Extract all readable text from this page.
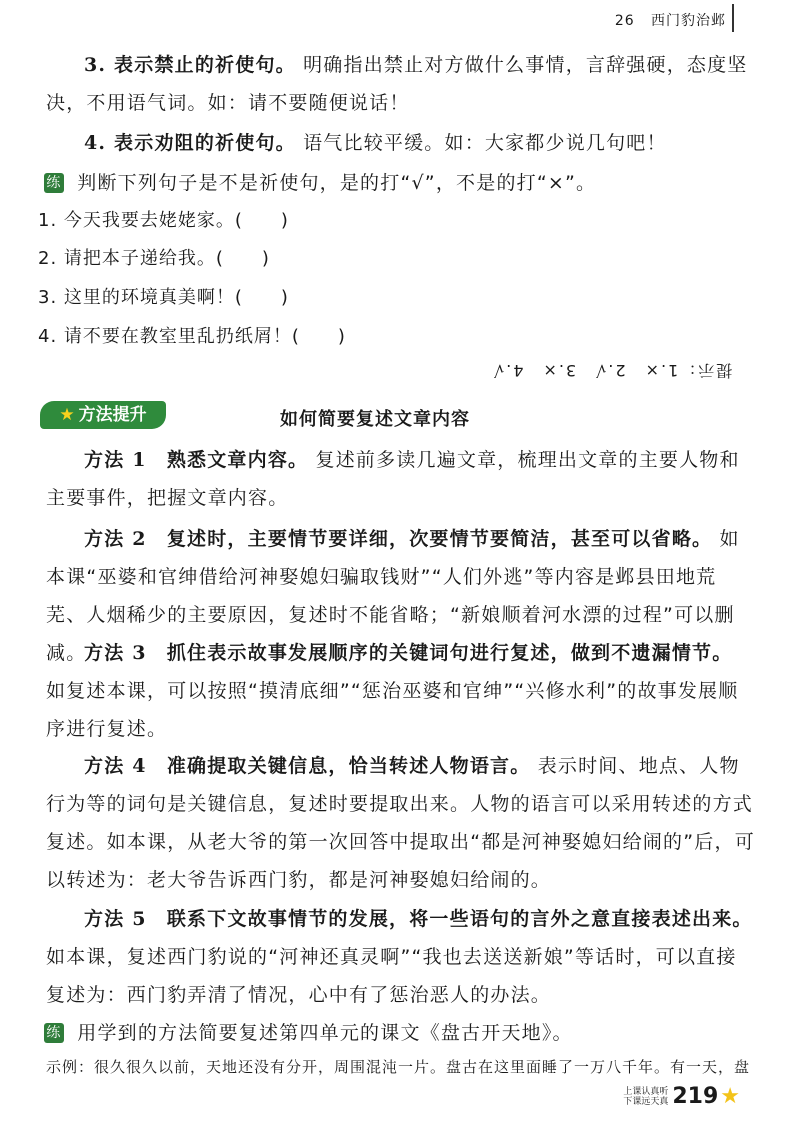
26 西门豹治邺
3. 表示禁止的祈使句。 明确指出禁止对方做什么事情，言辞强硬，态度坚决，不用语气词。如：请不要随便说话！
4. 表示劝阻的祈使句。 语气比较平缓。如：大家都少说几句吧！
练 判断下列句子是不是祈使句，是的打“√”，不是的打“×”。
1. 今天我要去姥姥家。(　　)
2. 请把本子递给我。(　　)
3. 这里的环境真美啊！(　　)
4. 请不要在教室里乱扔纸屑！(　　)
提示：1.×　2.√　3.×　4.√
★ 方法提升	如何简要复述文章内容
方法 1　熟悉文章内容。 复述前多读几遍文章，梳理出文章的主要人物和主要事件，把握文章内容。
方法 2　复述时，主要情节要详细，次要情节要简洁，甚至可以省略。 如本课“巫婆和官绅借给河神娶媳妇骗取钱财”“人们外逃”等内容是邺县田地荒芜、人烟稀少的主要原因，复述时不能省略；“新娘顺着河水漂的过程”可以删减。
方法 3　抓住表示故事发展顺序的关键词句进行复述，做到不遗漏情节。 如复述本课，可以按照“摸清底细”“惩治巫婆和官绅”“兴修水利”的故事发展顺序进行复述。
方法 4　准确提取关键信息，恰当转述人物语言。 表示时间、地点、人物行为等的词句是关键信息，复述时要提取出来。人物的语言可以采用转述的方式复述。如本课，从老大爷的第一次回答中提取出“都是河神娶媳妇给闹的”后，可以转述为：老大爷告诉西门豹，都是河神娶媳妇给闹的。
方法 5　联系下文故事情节的发展，将一些语句的言外之意直接表述出来。 如本课，复述西门豹说的“河神还真灵啊”“我也去送送新娘”等话时，可以直接复述为：西门豹弄清了情况，心中有了惩治恶人的办法。
练 用学到的方法简要复述第四单元的课文《盘古开天地》。
示例：很久很久以前，天地还没有分开，周围混沌一片。盘古在这里面睡了一万八千年。有一天，盘
上课认真听
下课远天真 219 ★
